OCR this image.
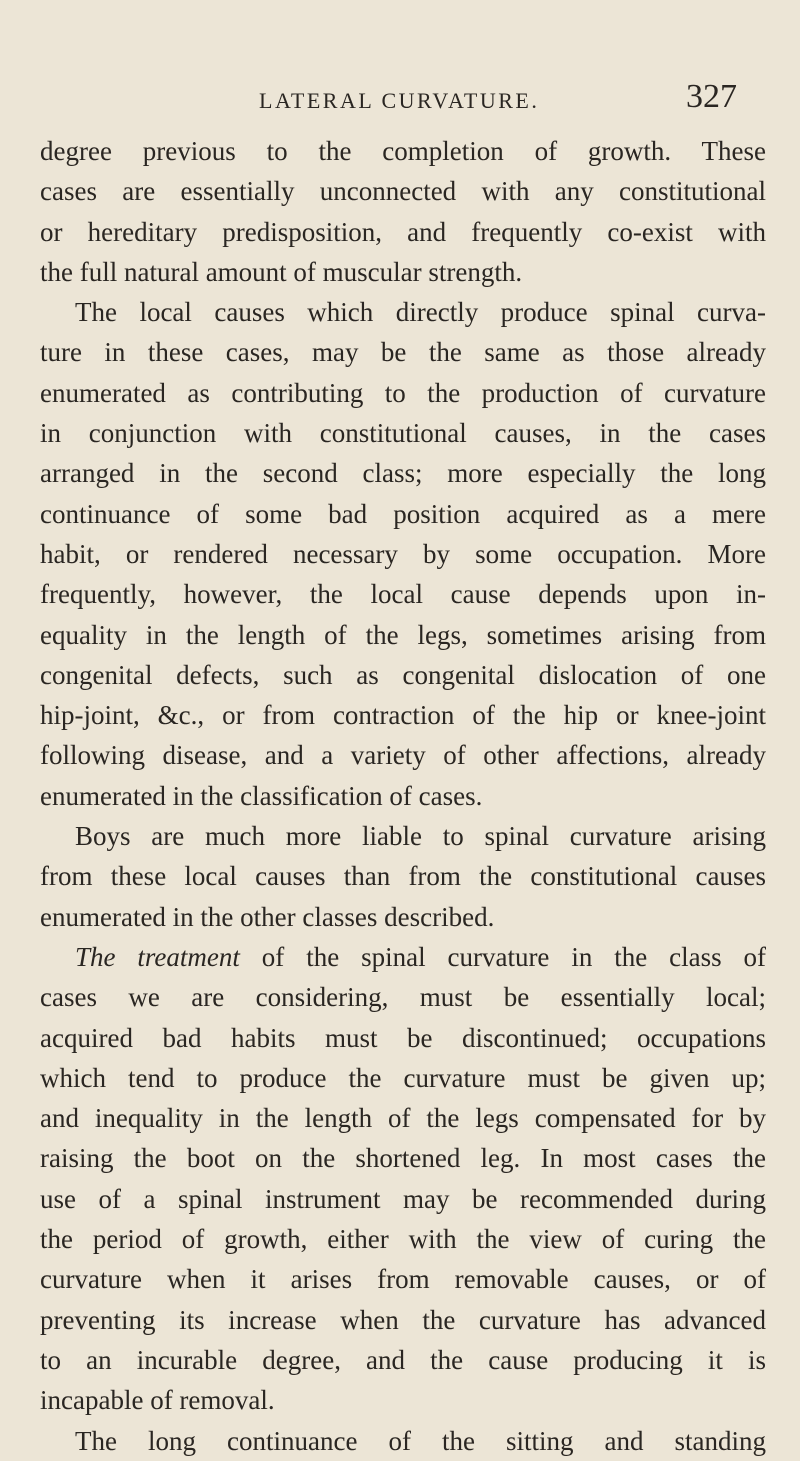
LATERAL CURVATURE.	327
degree previous to the completion of growth. These
cases are essentially unconnected with any constitutional
or hereditary predisposition, and frequently co-exist with
the full natural amount of muscular strength.
The local causes which directly produce spinal curva-
ture in these cases, may be the same as those already
enumerated as contributing to the production of curvature
in conjunction with constitutional causes, in the cases
arranged in the second class; more especially the long
continuance of some bad position acquired as a mere
habit, or rendered necessary by some occupation. More
frequently, however, the local cause depends upon in-
equality in the length of the legs, sometimes arising from
congenital defects, such as congenital dislocation of one
hip-joint, &c., or from contraction of the hip or knee-joint
following disease, and a variety of other affections, already
enumerated in the classification of cases.
Boys are much more liable to spinal curvature arising
from these local causes than from the constitutional causes
enumerated in the other classes described.
The treatment of the spinal curvature in the class of
cases we are considering, must be essentially local;
acquired bad habits must be discontinued; occupations
which tend to produce the curvature must be given up;
and inequality in the length of the legs compensated for by
raising the boot on the shortened leg. In most cases the
use of a spinal instrument may be recommended during
the period of growth, either with the view of curing the
curvature when it arises from removable causes, or of
preventing its increase when the curvature has advanced
to an incurable degree, and the cause producing it is
incapable of removal.
The long continuance of the sitting and standing
